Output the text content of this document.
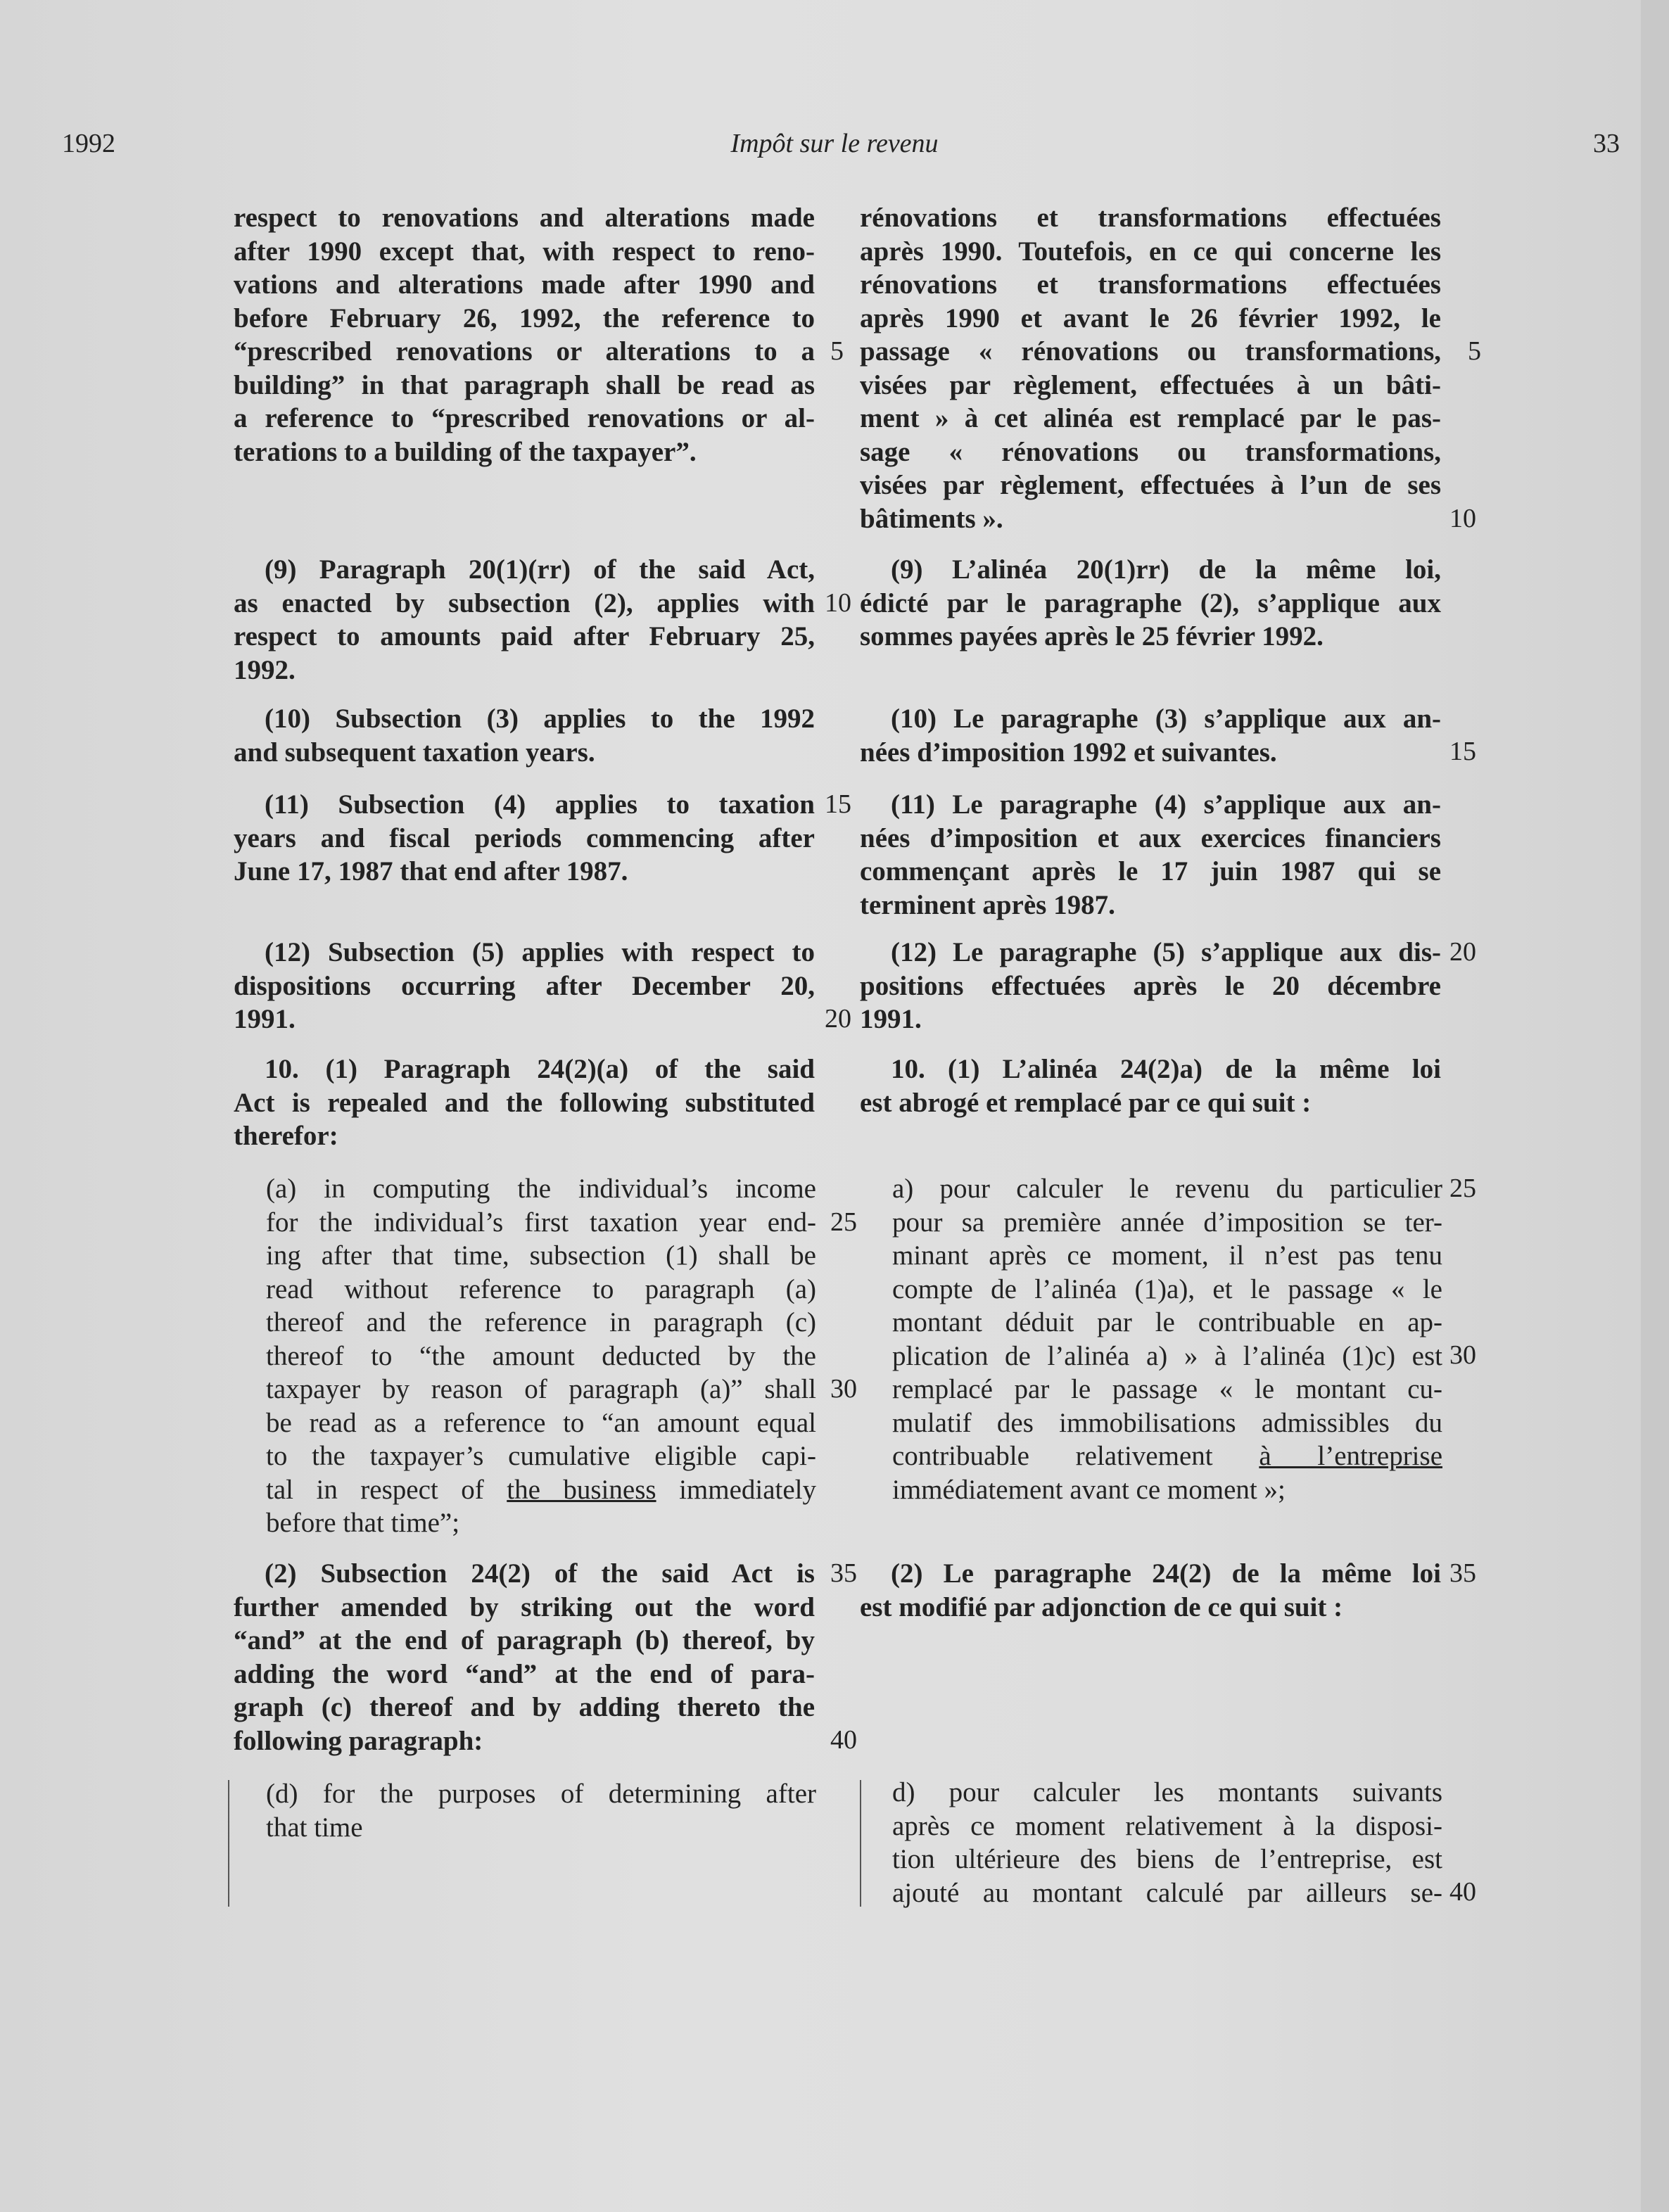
1992	Impôt sur le revenu	33
respect to renovations and alterations made
after 1990 except that, with respect to reno-
vations and alterations made after 1990 and
before February 26, 1992, the reference to
“prescribed renovations or alterations to a
building” in that paragraph shall be read as
a reference to “prescribed renovations or al-
terations to a building of the taxpayer”.
(9) Paragraph 20(1)(rr) of the said Act,
as enacted by subsection (2), applies with
respect to amounts paid after February 25,
1992.
(10) Subsection (3) applies to the 1992
and subsequent taxation years.
(11) Subsection (4) applies to taxation
years and fiscal periods commencing after
June 17, 1987 that end after 1987.
(12) Subsection (5) applies with respect to
dispositions occurring after December 20,
1991.
10. (1) Paragraph 24(2)(a) of the said
Act is repealed and the following substituted
therefor:
(a) in computing the individual’s income
for the individual’s first taxation year end-
ing after that time, subsection (1) shall be
read without reference to paragraph (a)
thereof and the reference in paragraph (c)
thereof to “the amount deducted by the
taxpayer by reason of paragraph (a)” shall
be read as a reference to “an amount equal
to the taxpayer’s cumulative eligible capi-
tal in respect of the business immediately
before that time”;
(2) Subsection 24(2) of the said Act is
further amended by striking out the word
“and” at the end of paragraph (b) thereof, by
adding the word “and” at the end of para-
graph (c) thereof and by adding thereto the
following paragraph:
(d) for the purposes of determining after
that time
5
10
15
20
25
30
35
40
rénovations et transformations effectuées
après 1990. Toutefois, en ce qui concerne les
rénovations et transformations effectuées
après 1990 et avant le 26 février 1992, le
passage « rénovations ou transformations,
visées par règlement, effectuées à un bâti-
ment » à cet alinéa est remplacé par le pas-
sage « rénovations ou transformations,
visées par règlement, effectuées à l’un de ses
bâtiments ».
(9) L’alinéa 20(1)rr) de la même loi,
édicté par le paragraphe (2), s’applique aux
sommes payées après le 25 février 1992.
(10) Le paragraphe (3) s’applique aux an-
nées d’imposition 1992 et suivantes.
(11) Le paragraphe (4) s’applique aux an-
nées d’imposition et aux exercices financiers
commençant après le 17 juin 1987 qui se
terminent après 1987.
(12) Le paragraphe (5) s’applique aux dis-
positions effectuées après le 20 décembre
1991.
10. (1) L’alinéa 24(2)a) de la même loi
est abrogé et remplacé par ce qui suit :
a) pour calculer le revenu du particulier
pour sa première année d’imposition se ter-
minant après ce moment, il n’est pas tenu
compte de l’alinéa (1)a), et le passage « le
montant déduit par le contribuable en ap-
plication de l’alinéa a) » à l’alinéa (1)c) est
remplacé par le passage « le montant cu-
mulatif des immobilisations admissibles du
contribuable relativement à l’entreprise
immédiatement avant ce moment »;
(2) Le paragraphe 24(2) de la même loi
est modifié par adjonction de ce qui suit :
d) pour calculer les montants suivants
après ce moment relativement à la disposi-
tion ultérieure des biens de l’entreprise, est
ajouté au montant calculé par ailleurs se-
5
10
15
20
25
30
35
40
